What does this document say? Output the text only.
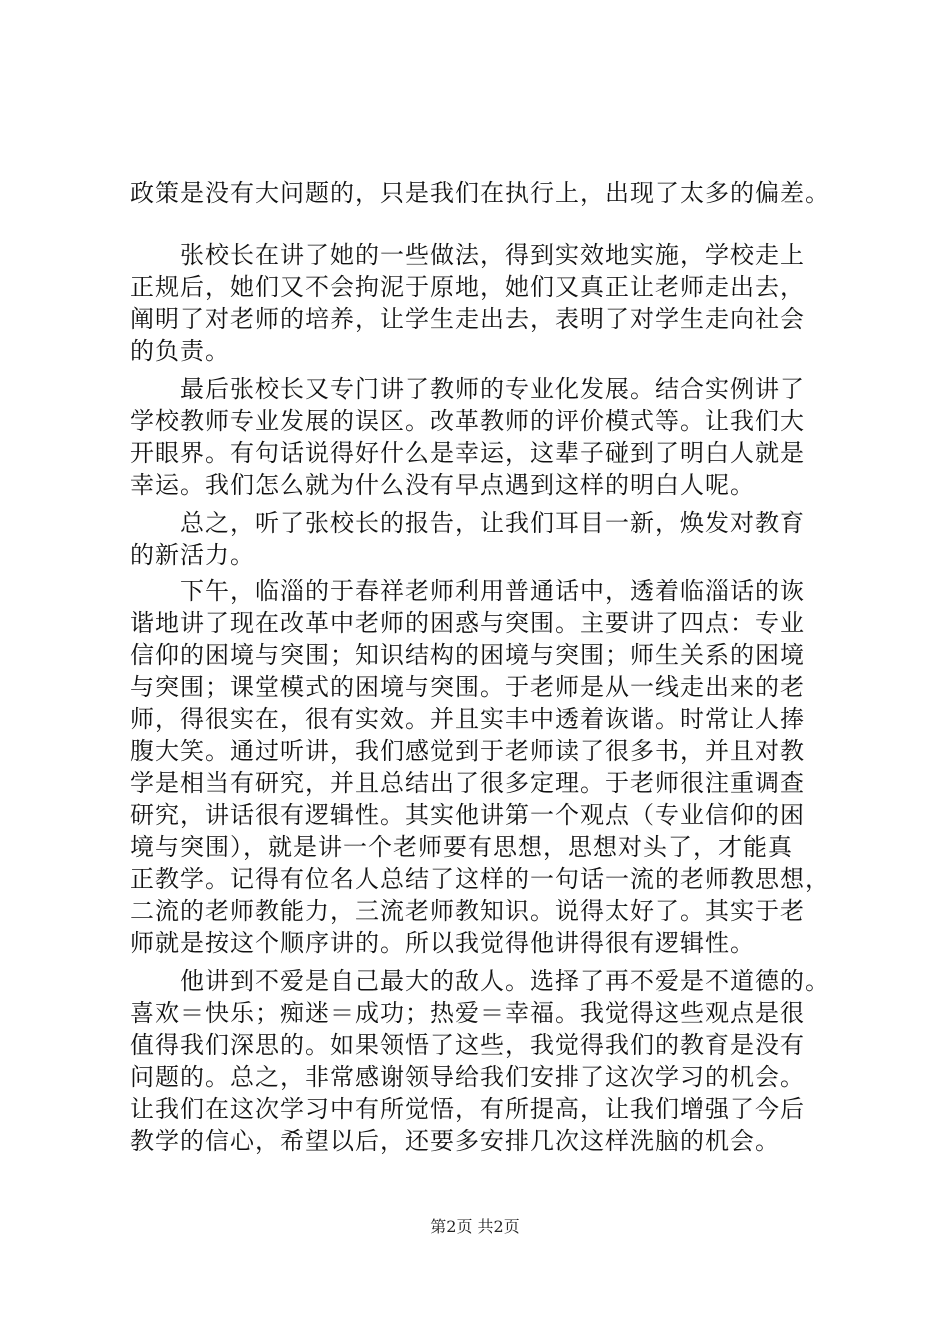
政策是没有大问题的，只是我们在执行上，出现了太多的偏差。
　　张校长在讲了她的一些做法，得到实效地实施，学校走上
正规后，她们又不会拘泥于原地，她们又真正让老师走出去，
阐明了对老师的培养，让学生走出去，表明了对学生走向社会
的负责。
　　最后张校长又专门讲了教师的专业化发展。结合实例讲了
学校教师专业发展的误区。改革教师的评价模式等。让我们大
开眼界。有句话说得好什么是幸运，这辈子碰到了明白人就是
幸运。我们怎么就为什么没有早点遇到这样的明白人呢。
　　总之，听了张校长的报告，让我们耳目一新，焕发对教育
的新活力。
　　下午，临淄的于春祥老师利用普通话中，透着临淄话的诙
谐地讲了现在改革中老师的困惑与突围。主要讲了四点：专业
信仰的困境与突围；知识结构的困境与突围；师生关系的困境
与突围；课堂模式的困境与突围。于老师是从一线走出来的老
师，得很实在，很有实效。并且实丰中透着诙谐。时常让人捧
腹大笑。通过听讲，我们感觉到于老师读了很多书，并且对教
学是相当有研究，并且总结出了很多定理。于老师很注重调查
研究，讲话很有逻辑性。其实他讲第一个观点（专业信仰的困
境与突围），就是讲一个老师要有思想，思想对头了，才能真
正教学。记得有位名人总结了这样的一句话一流的老师教思想，
二流的老师教能力，三流老师教知识。说得太好了。其实于老
师就是按这个顺序讲的。所以我觉得他讲得很有逻辑性。
　　他讲到不爱是自己最大的敌人。选择了再不爱是不道德的。
喜欢＝快乐；痴迷＝成功；热爱＝幸福。我觉得这些观点是很
值得我们深思的。如果领悟了这些，我觉得我们的教育是没有
问题的。总之，非常感谢领导给我们安排了这次学习的机会。
让我们在这次学习中有所觉悟，有所提高，让我们增强了今后
教学的信心，希望以后，还要多安排几次这样洗脑的机会。
第2页 共2页
